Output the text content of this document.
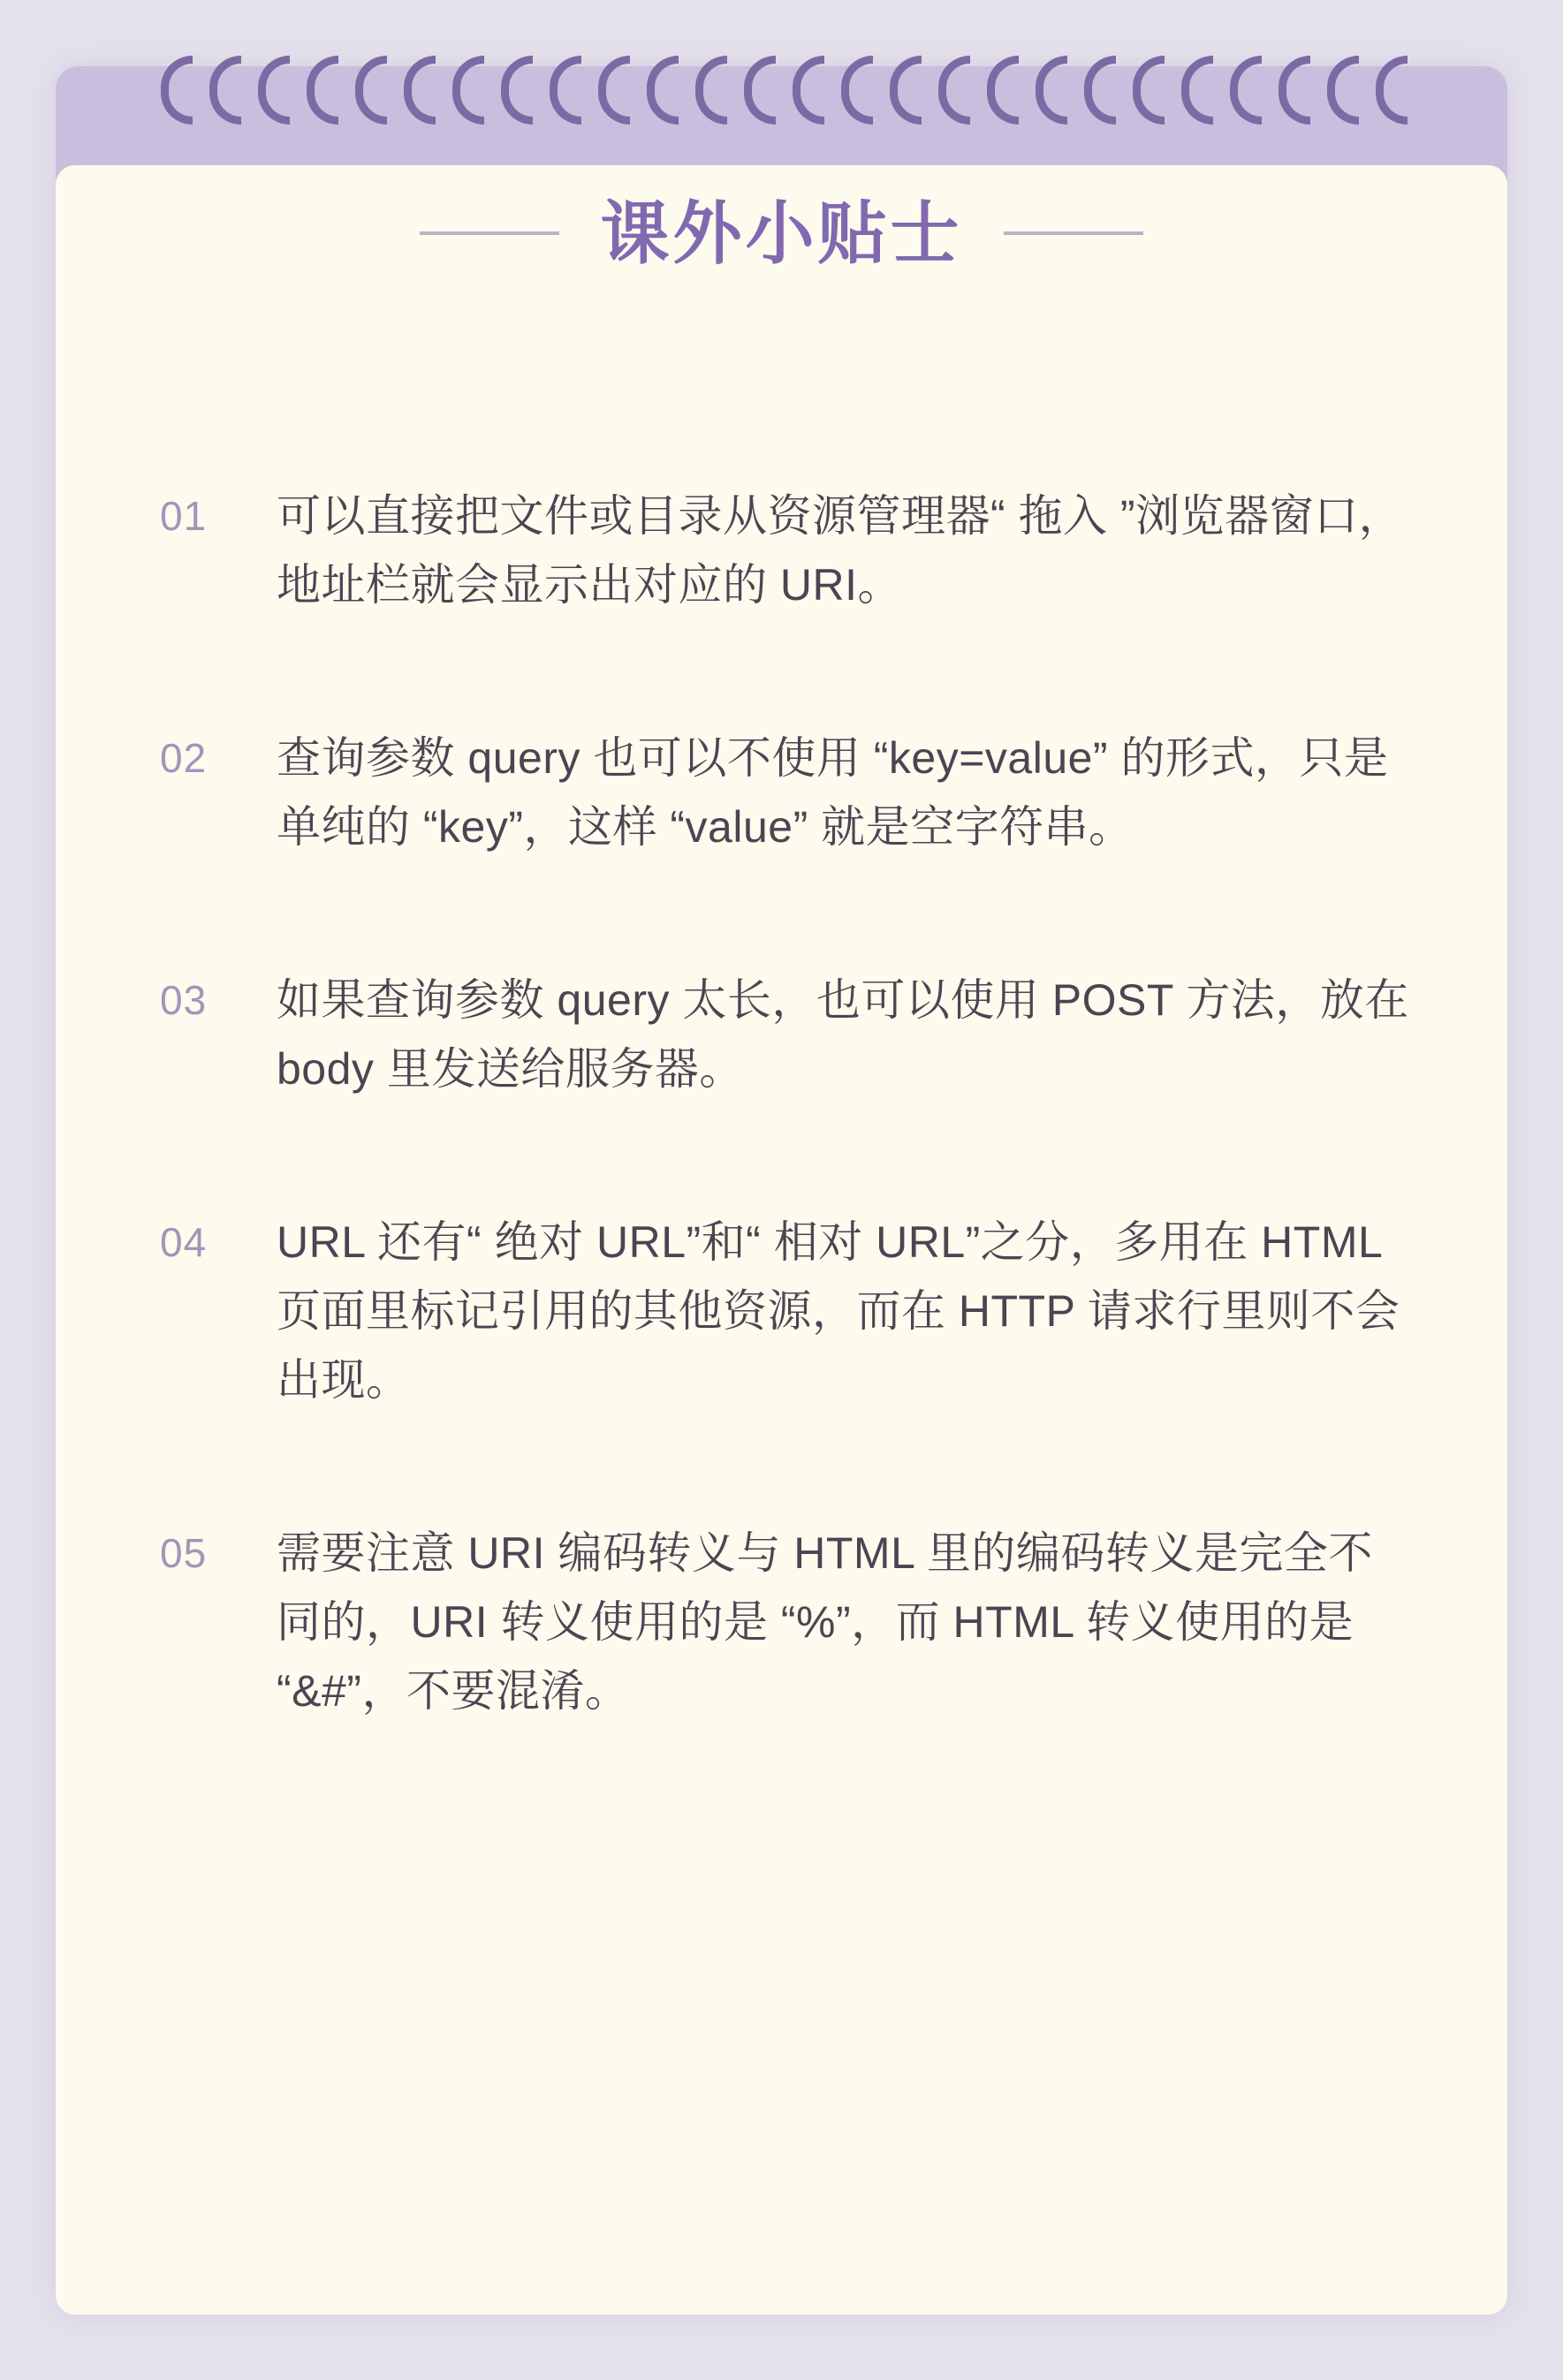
课外小贴士
01	可以直接把文件或目录从资源管理器“ 拖入 ”浏览器窗口，地址栏就会显示出对应的 URI。
02	查询参数 query 也可以不使用 “key=value” 的形式，只是单纯的 “key”，这样 “value” 就是空字符串。
03	如果查询参数 query 太长，也可以使用 POST 方法，放在 body 里发送给服务器。
04	URL 还有“ 绝对 URL”和“ 相对 URL”之分，多用在 HTML 页面里标记引用的其他资源，而在 HTTP 请求行里则不会出现。
05	需要注意 URI 编码转义与 HTML 里的编码转义是完全不同的，URI 转义使用的是 “%”，而 HTML 转义使用的是 “&#”，不要混淆。
